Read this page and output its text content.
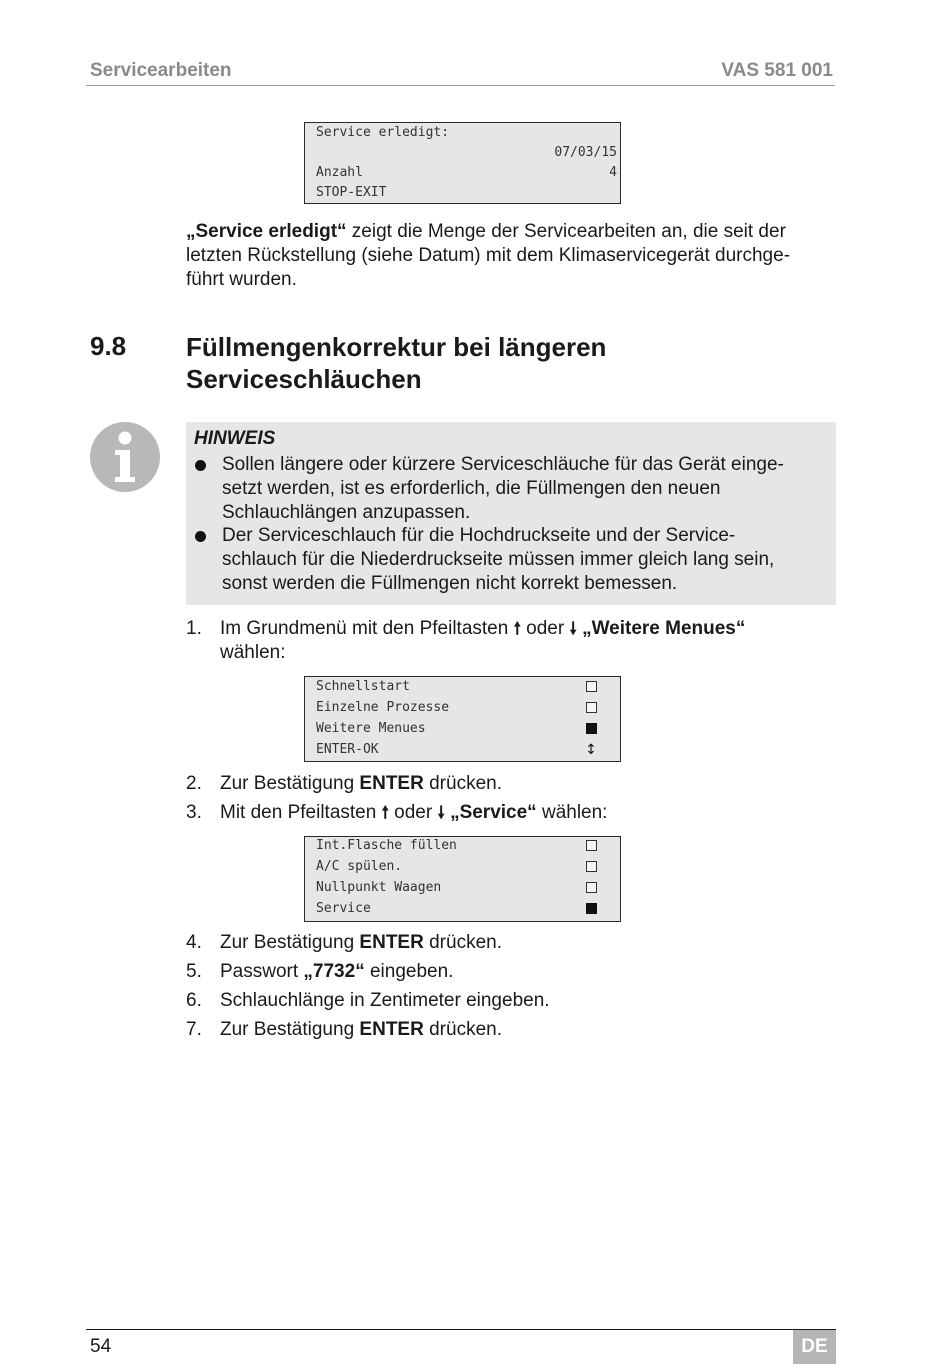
Servicearbeiten	VAS 581 001
Service erledigt:
07/03/15
Anzahl	4
STOP-EXIT
„Service erledigt“ zeigt die Menge der Servicearbeiten an, die seit der
letzten Rückstellung (siehe Datum) mit dem Klimaservicegerät durchge-
führt wurden.
9.8 Füllmengenkorrektur bei längeren
Serviceschläuchen
HINWEIS
Sollen längere oder kürzere Serviceschläuche für das Gerät einge-
setzt werden, ist es erforderlich, die Füllmengen den neuen
Schlauchlängen anzupassen.
Der Serviceschlauch für die Hochdruckseite und der Service-
schlauch für die Niederdruckseite müssen immer gleich lang sein,
sonst werden die Füllmengen nicht korrekt bemessen.
1. Im Grundmenü mit den Pfeiltasten 🠕 oder 🠗 „Weitere Menues“
wählen:
Schnellstart
Einzelne Prozesse
Weitere Menues
ENTER-OK	↕
2. Zur Bestätigung ENTER drücken.
3. Mit den Pfeiltasten 🠕 oder 🠗 „Service“ wählen:
Int.Flasche füllen
A/C spülen.
Nullpunkt Waagen
Service
4. Zur Bestätigung ENTER drücken.
5. Passwort „7732“ eingeben.
6. Schlauchlänge in Zentimeter eingeben.
7. Zur Bestätigung ENTER drücken.
54	DE
